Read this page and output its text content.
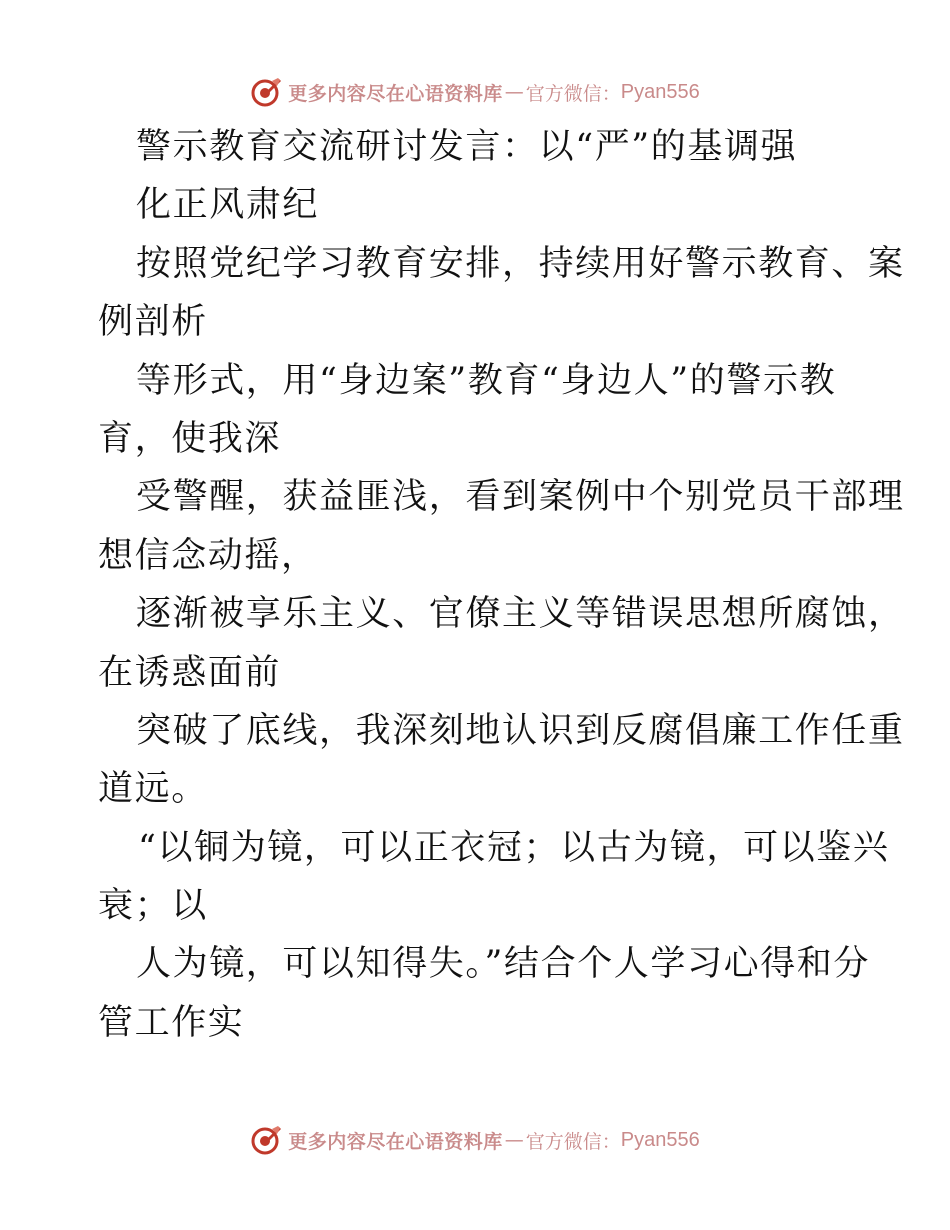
更多内容尽在心语资料库 — 官方微信： Pyan556
警示教育交流研讨发言：以“严”的基调强
化正风肃纪
按照党纪学习教育安排，持续用好警示教育、案
例剖析
等形式，用“身边案”教育“身边人”的警示教
育，使我深
受警醒，获益匪浅，看到案例中个别党员干部理
想信念动摇，
逐渐被享乐主义、官僚主义等错误思想所腐蚀，
在诱惑面前
突破了底线，我深刻地认识到反腐倡廉工作任重
道远。
“以铜为镜，可以正衣冠；以古为镜，可以鉴兴
衰；以
人为镜，可以知得失。”结合个人学习心得和分
管工作实
更多内容尽在心语资料库 — 官方微信： Pyan556
